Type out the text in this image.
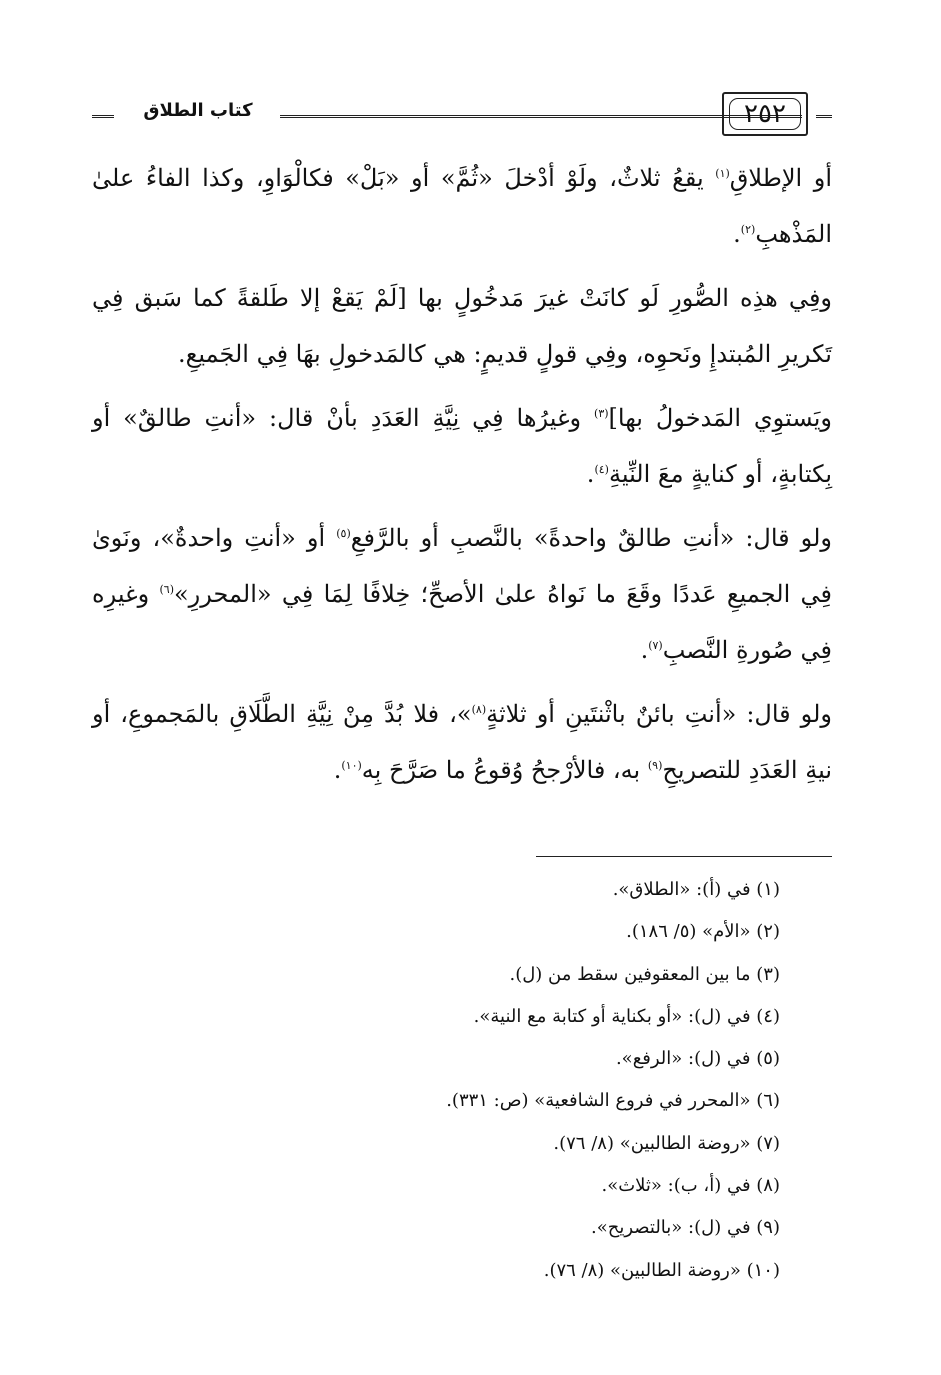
كتاب الطلاق	٢٥٢

أو الإطلاقِ$^{(١)}$ يقعُ ثلاثٌ، ولَوْ أدْخلَ «ثُمَّ» أو «بَلْ» فكالْوَاوِ، وكذا الفاءُ علىٰ المَذْهبِ$^{(٢)}$.

وفِي هذِه الصُّورِ لَو كانَتْ غيرَ مَدخُولٍ بها [لَمْ يَقعْ إلا طَلقةً كما سَبق فِي تَكريرِ المُبتدإِ ونَحوِه، وفِي قولٍ قديمٍ: هي كالمَدخولِ بهَا فِي الجَميعِ.

ويَستوِي المَدخولُ بها]$^{(٣)}$ وغيرُها فِي نِيَّةِ العَدَدِ بأنْ قال: «أنتِ طالقٌ» أو بِكتابةٍ، أو كنايةٍ معَ النِّيةِ$^{(٤)}$.

ولو قال: «أنتِ طالقٌ واحدةً» بالنَّصبِ أو بالرَّفعِ$^{(٥)}$ أو «أنتِ واحدةٌ»، ونَوىٰ فِي الجميعِ عَددًا وقَعَ ما نَواهُ علىٰ الأصحِّ؛ خِلافًا لِمَا فِي «المحررِ»$^{(٦)}$ وغيرِه فِي صُورةِ النَّصبِ$^{(٧)}$.

ولو قال: «أنتِ بائنٌ باثْنتَينِ أو ثلاثةٍ$^{(٨)}$»، فلا بُدَّ مِنْ نِيَّةِ الطَّلَاقِ بالمَجموعِ، أو نيةِ العَدَدِ للتصريحِ$^{(٩)}$ به، فالأرْجحُ وُقوعُ ما صَرَّحَ بِه$^{(١٠)}$.

(١) في (أ): «الطلاق».
(٢) «الأم» (٥/ ١٨٦).
(٣) ما بين المعقوفين سقط من (ل).
(٤) في (ل): «أو بكناية أو كتابة مع النية».
(٥) في (ل): «الرفع».
(٦) «المحرر في فروع الشافعية» (ص: ٣٣١).
(٧) «روضة الطالبين» (٨/ ٧٦).
(٨) في (أ، ب): «ثلاث».
(٩) في (ل): «بالتصريح».
(١٠) «روضة الطالبين» (٨/ ٧٦).
